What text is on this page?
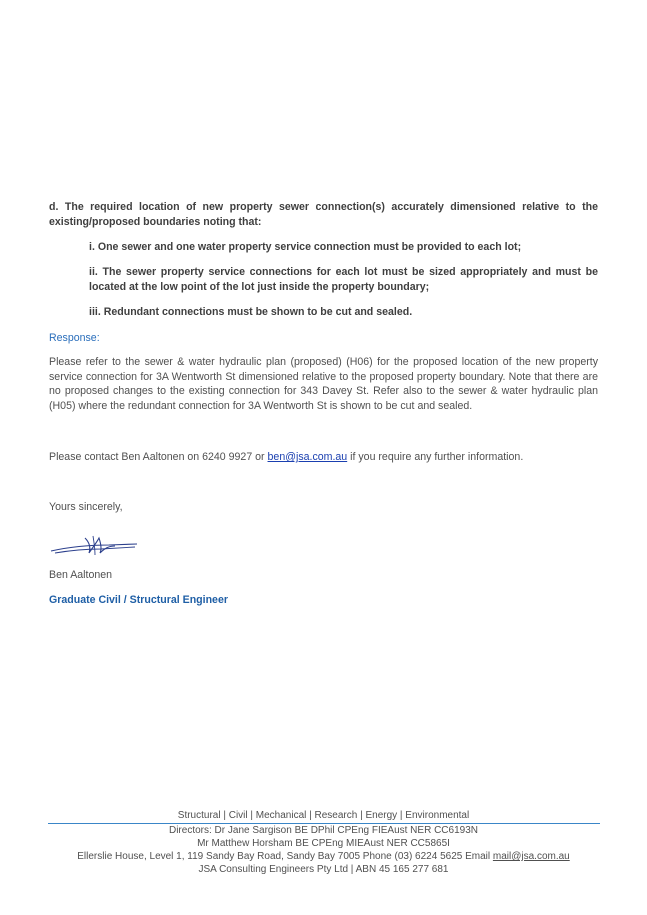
d. The required location of new property sewer connection(s) accurately dimensioned relative to the existing/proposed boundaries noting that:
i. One sewer and one water property service connection must be provided to each lot;
ii. The sewer property service connections for each lot must be sized appropriately and must be located at the low point of the lot just inside the property boundary;
iii. Redundant connections must be shown to be cut and sealed.
Response:
Please refer to the sewer & water hydraulic plan (proposed) (H06) for the proposed location of the new property service connection for 3A Wentworth St dimensioned relative to the proposed property boundary. Note that there are no proposed changes to the existing connection for 343 Davey St. Refer also to the sewer & water hydraulic plan (H05) where the redundant connection for 3A Wentworth St is shown to be cut and sealed.
Please contact Ben Aaltonen on 6240 9927 or ben@jsa.com.au if you require any further information.
Yours sincerely,
Ben Aaltonen
Graduate Civil / Structural Engineer
Structural | Civil | Mechanical | Research | Energy | Environmental
Directors: Dr Jane Sargison BE DPhil CPEng FIEAust NER CC6193N
Mr Matthew Horsham BE CPEng MIEAust NER CC5865I
Ellerslie House, Level 1, 119 Sandy Bay Road, Sandy Bay 7005 Phone (03) 6224 5625 Email mail@jsa.com.au
JSA Consulting Engineers Pty Ltd | ABN 45 165 277 681
